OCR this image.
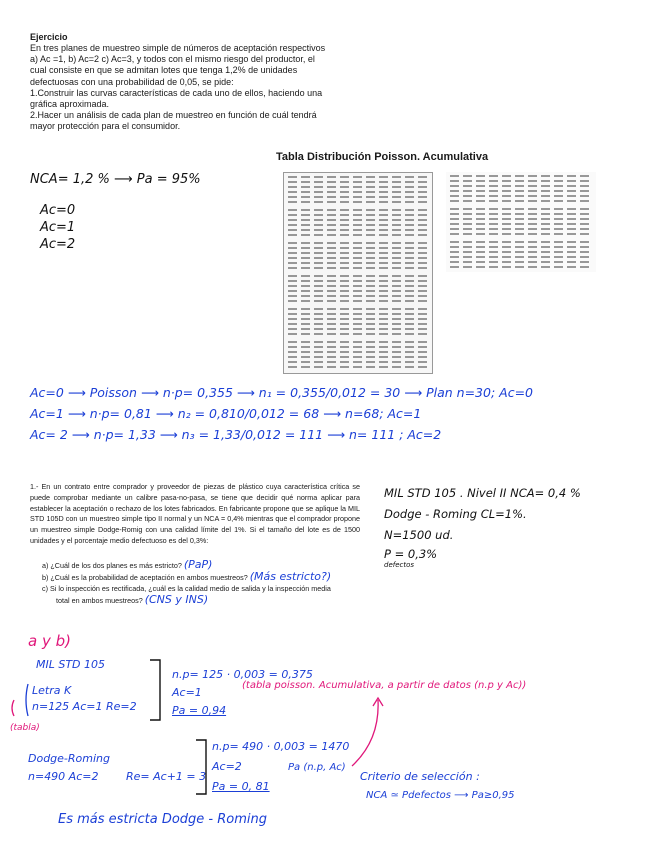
Ejercicio
En tres planes de muestreo simple de números de aceptación respectivos
a) Ac =1, b) Ac=2 c) Ac=3, y todos con el mismo riesgo del productor, el
cual consiste en que se admitan lotes que tenga 1,2% de unidades
defectuosas con una probabilidad de 0,05, se pide:
1.Construir las curvas características de cada uno de ellos, haciendo una
gráfica aproximada.
2.Hacer un análisis de cada plan de muestreo en función de cuál tendrá
mayor protección para el consumidor.
Tabla Distribución Poisson. Acumulativa
NCA= 1,2 % ⟶ Pa = 95%
Ac=0
Ac=1
Ac=2
Ac=0 ⟶ Poisson ⟶ n·p= 0,355 ⟶ n₁ = 0,355/0,012 = 30 ⟶ Plan n=30; Ac=0
Ac=1 ⟶ n·p= 0,81 ⟶ n₂ = 0,810/0,012 = 68 ⟶ n=68; Ac=1
Ac= 2 ⟶ n·p= 1,33 ⟶ n₃ = 1,33/0,012 = 111 ⟶ n= 111 ; Ac=2

1.- En un contrato entre comprador y proveedor de piezas de plástico cuya característica crítica se puede comprobar mediante un calibre pasa-no-pasa, se tiene que decidir qué norma aplicar para establecer la aceptación o rechazo de los lotes fabricados. En fabricante propone que se aplique la MIL STD 105D con un muestreo simple tipo II normal y un NCA = 0,4% mientras que el comprador propone un muestreo simple Dodge-Romig con una calidad límite del 1%. Si el tamaño del lote es de 1500 unidades y el porcentaje medio defectuoso es del 0,3%:

a) ¿Cuál de los dos planes es más estricto? (PaP)
b) ¿Cuál es la probabilidad de aceptación en ambos muestreos? (Más estricto?)
c) Si lo inspección es rectificada, ¿cuál es la calidad medio de salida y la inspección media
total en ambos muestreos? (CNS y INS)
MIL STD 105 . Nivel II NCA= 0,4 %
Dodge - Roming CL=1%.
N=1500 ud.
P = 0,3%
defectos
a y b)
MIL STD 105
Letra K
n=125 Ac=1 Re=2
(tabla)
n.p= 125 · 0,003 = 0,375
Ac=1
Pa = 0,94
(tabla poisson. Acumulativa, a partir de datos (n.p y Ac))
Dodge-Roming
n=490 Ac=2	Re= Ac+1 = 3
n.p= 490 · 0,003 = 1470
Ac=2
Pa = 0, 81
Pa (n.p, Ac)
Criterio de selección :
NCA ≃ Pdefectos ⟶ Pa≥0,95
Es más estricta Dodge - Roming
